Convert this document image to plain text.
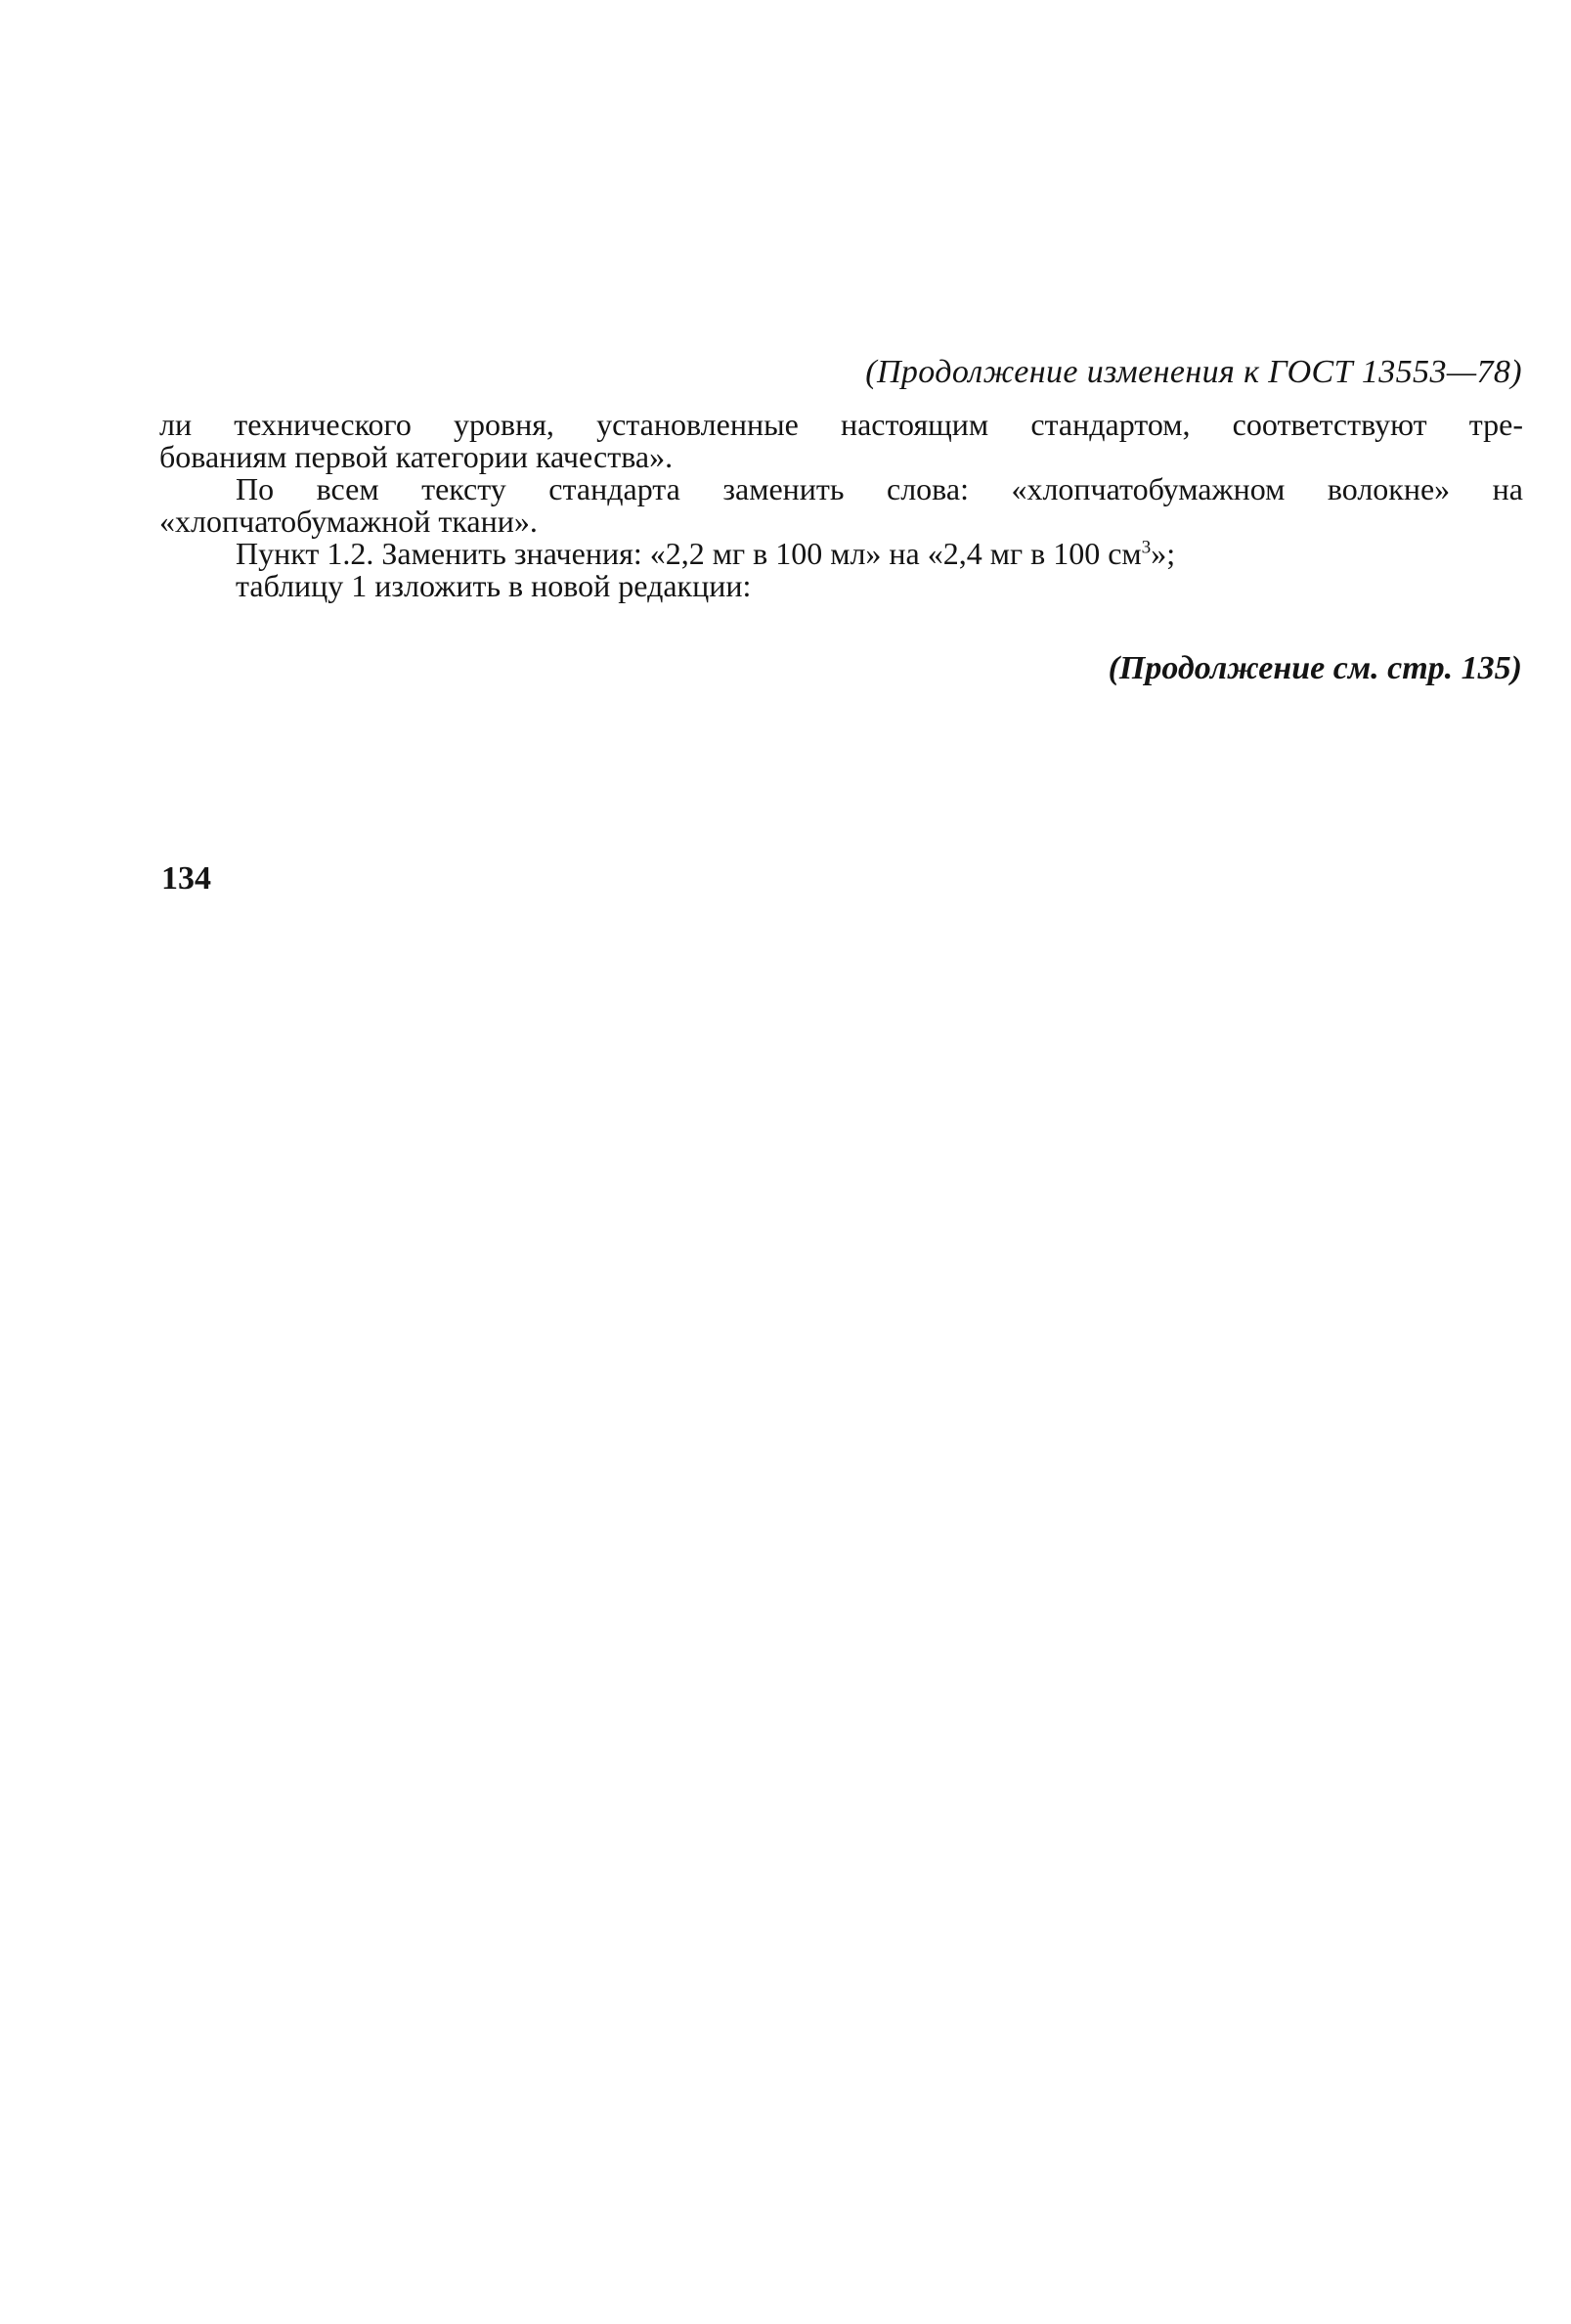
(Продолжение изменения к ГОСТ 13553—78)
ли технического уровня, установленные настоящим стандартом, соответствуют тре-
бованиям первой категории качества».
По всем тексту стандарта заменить слова: «хлопчатобумажном волокне» на
«хлопчатобумажной ткани».
Пункт 1.2. Заменить значения: «2,2 мг в 100 мл» на «2,4 мг в 100 $см^3$»;
таблицу 1 изложить в новой редакции:
(Продолжение см. стр. 135)
134
